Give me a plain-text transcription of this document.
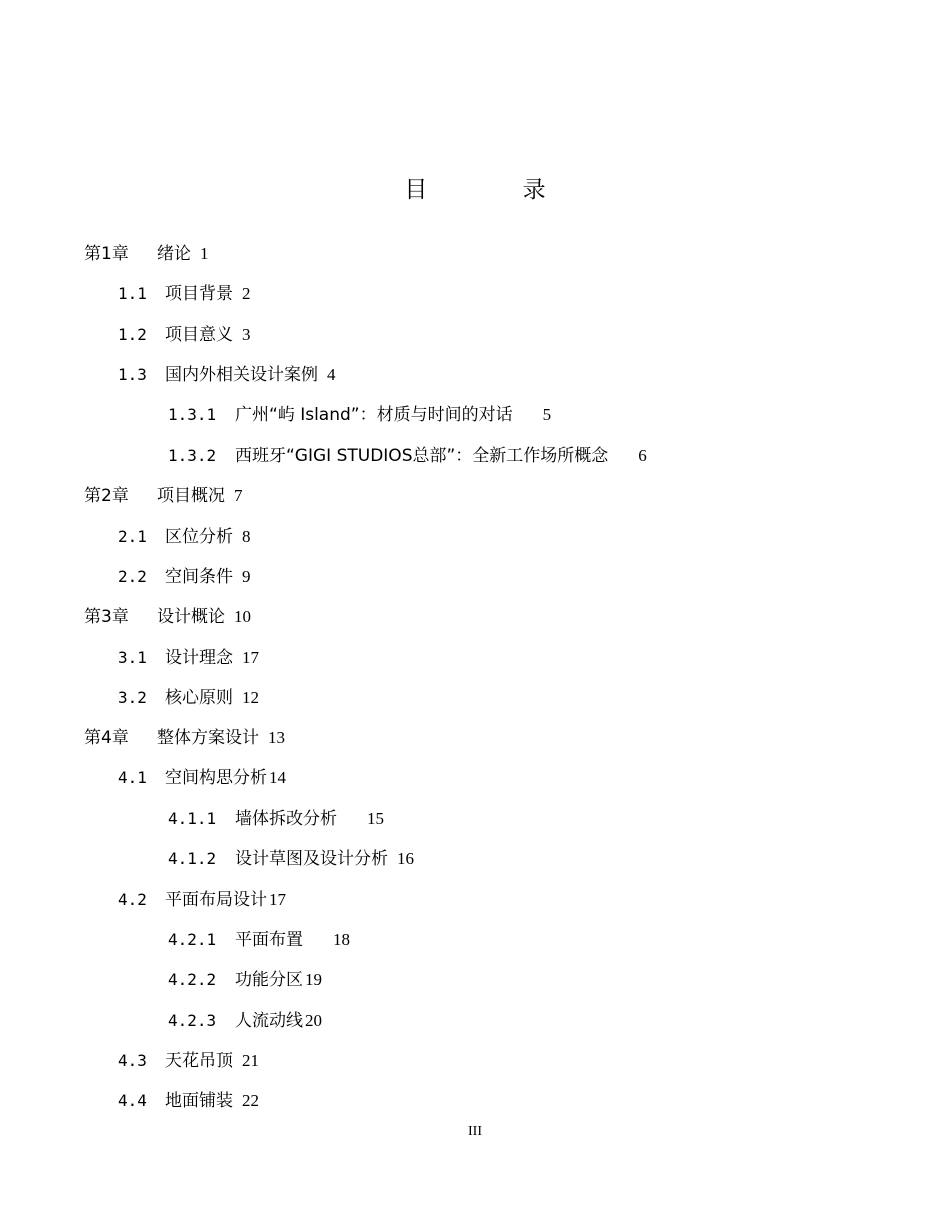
目 录
第1章 绪论 1
1.1 项目背景 2
1.2 项目意义 3
1.3 国内外相关设计案例 4
1.3.1 广州“屿 Island”：材质与时间的对话 5
1.3.2 西班牙“GIGI STUDIOS总部”：全新工作场所概念 6
第2章 项目概况 7
2.1 区位分析 8
2.2 空间条件 9
第3章 设计概论 10
3.1 设计理念 17
3.2 核心原则 12
第4章 整体方案设计 13
4.1 空间构思分析 14
4.1.1 墙体拆改分析 15
4.1.2 设计草图及设计分析 16
4.2 平面布局设计 17
4.2.1 平面布置 18
4.2.2 功能分区 19
4.2.3 人流动线 20
4.3 天花吊顶 21
4.4 地面铺装 22
III
